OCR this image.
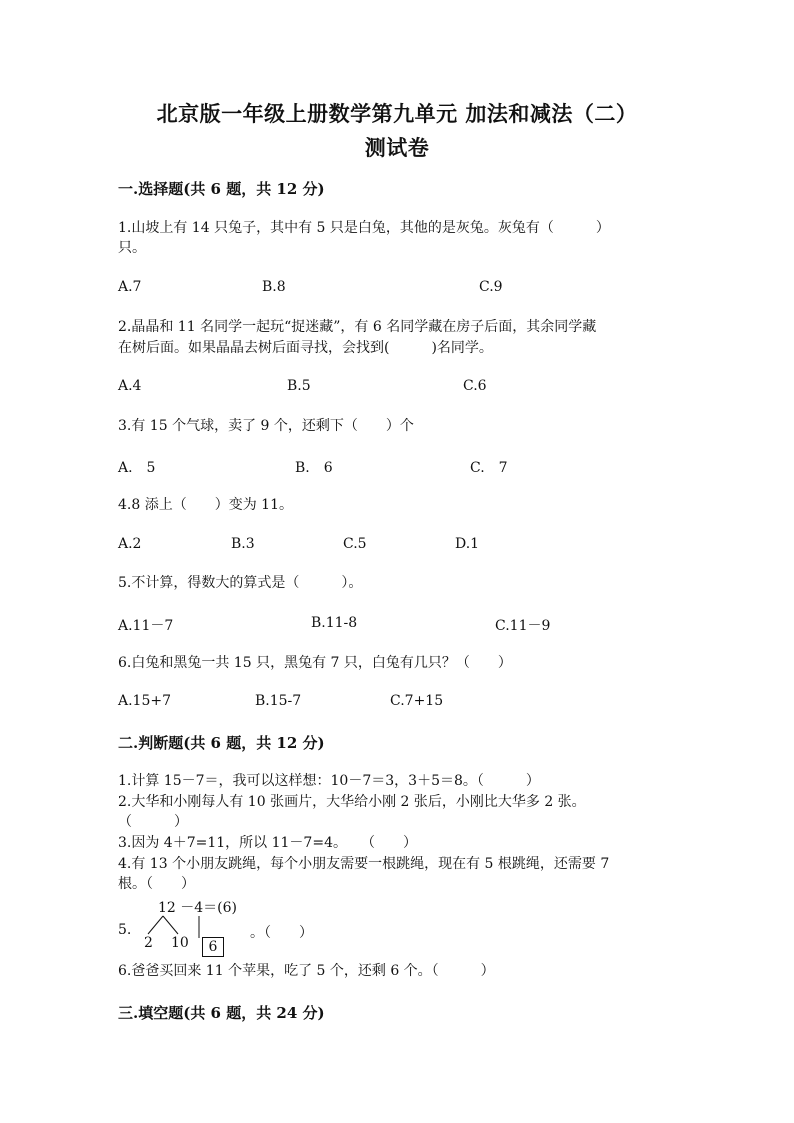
北京版一年级上册数学第九单元 加法和减法（二）
测试卷
一.选择题(共 6 题，共 12 分)
1.山坡上有 14 只兔子，其中有 5 只是白兔，其他的是灰兔。灰兔有（　　　）
只。
A.7	B.8	C.9
2.晶晶和 11 名同学一起玩“捉迷藏”，有 6 名同学藏在房子后面，其余同学藏
在树后面。如果晶晶去树后面寻找，会找到(　　　)名同学。
A.4	B.5	C.6
3.有 15 个气球，卖了 9 个，还剩下（　　）个
A.　5	B.　6	C.　7
4.8 添上（　　）变为 11。
A.2	B.3	C.5	D.1
5.不计算，得数大的算式是（　　　）。
A.11－7	B.11-8	C.11－9
6.白兔和黑兔一共 15 只，黑兔有 7 只，白兔有几只？（　　）
A.15+7	B.15-7	C.7+15
二.判断题(共 6 题，共 12 分)
1.计算 15－7＝，我可以这样想：10－7＝3，3＋5＝8。（　　　）
2.大华和小刚每人有 10 张画片，大华给小刚 2 张后，小刚比大华多 2 张。
（　　　）
3.因为 4＋7=11，所以 11－7=4。　　（　　）
4.有 13 个小朋友跳绳，每个小朋友需要一根跳绳，现在有 5 根跳绳，还需要 7
根。（　　）
5.
12 －4＝(6)
2 10	6
。（　　）
6.爸爸买回来 11 个苹果，吃了 5 个，还剩 6 个。（　　　）
三.填空题(共 6 题，共 24 分)
